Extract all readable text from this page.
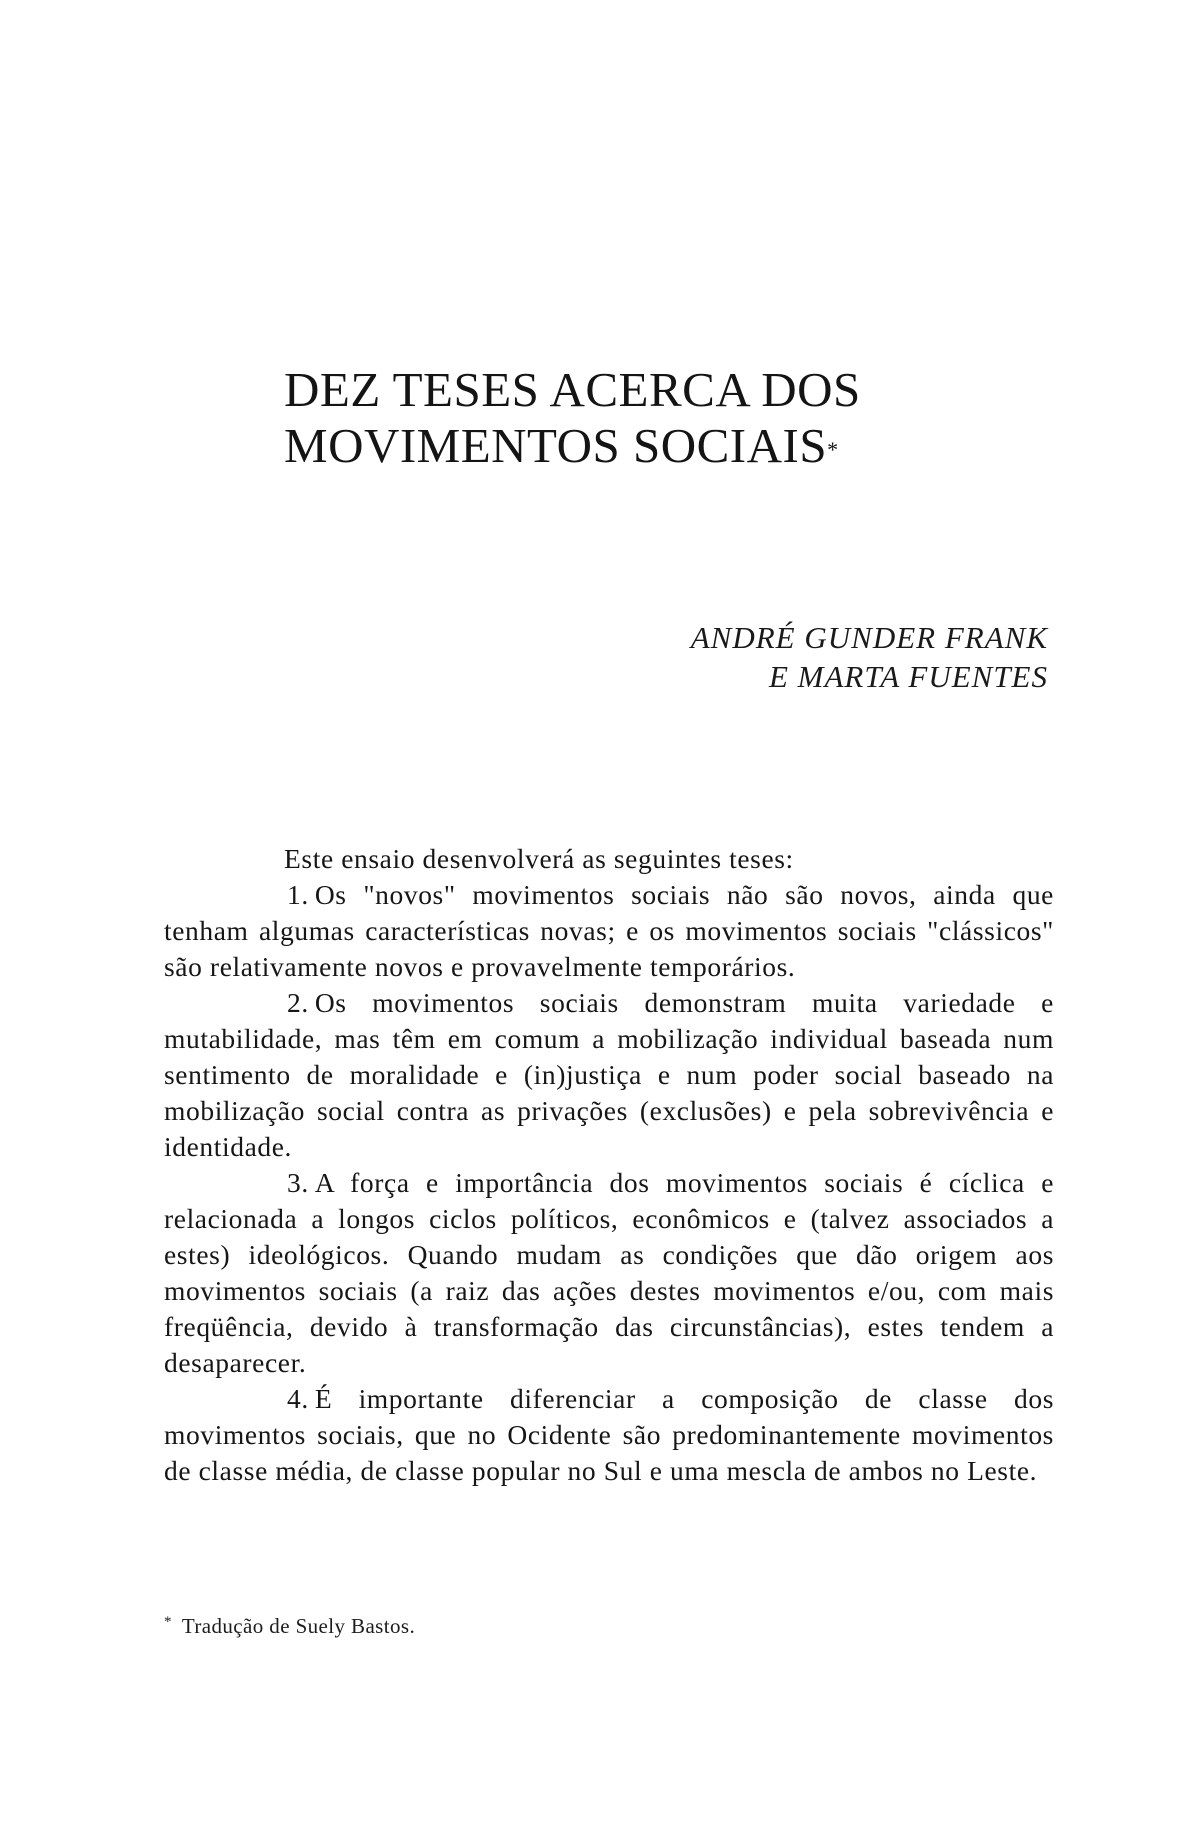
DEZ TESES ACERCA DOS
MOVIMENTOS SOCIAIS*
ANDRÉ GUNDER FRANK
E MARTA FUENTES

Este ensaio desenvolverá as seguintes teses:

1. Os "novos" movimentos sociais não são novos, ainda que tenham algumas características novas; e os movimentos sociais "clássicos" são relativamente novos e provavelmente temporários.

2. Os movimentos sociais demonstram muita variedade e mutabilidade, mas têm em comum a mobilização individual baseada num sentimento de moralidade e (in)justiça e num poder social baseado na mobilização social contra as privações (exclusões) e pela sobrevivência e identidade.

3. A força e importância dos movimentos sociais é cíclica e relacionada a longos ciclos políticos, econômicos e (talvez associados a estes) ideológicos. Quando mudam as condições que dão origem aos movimentos sociais (a raiz das ações destes movimentos e/ou, com mais freqüência, devido à transformação das circunstâncias), estes tendem a desaparecer.

4. É importante diferenciar a composição de classe dos movimentos sociais, que no Ocidente são predominantemente movimentos de classe média, de classe popular no Sul e uma mescla de ambos no Leste.

* Tradução de Suely Bastos.
